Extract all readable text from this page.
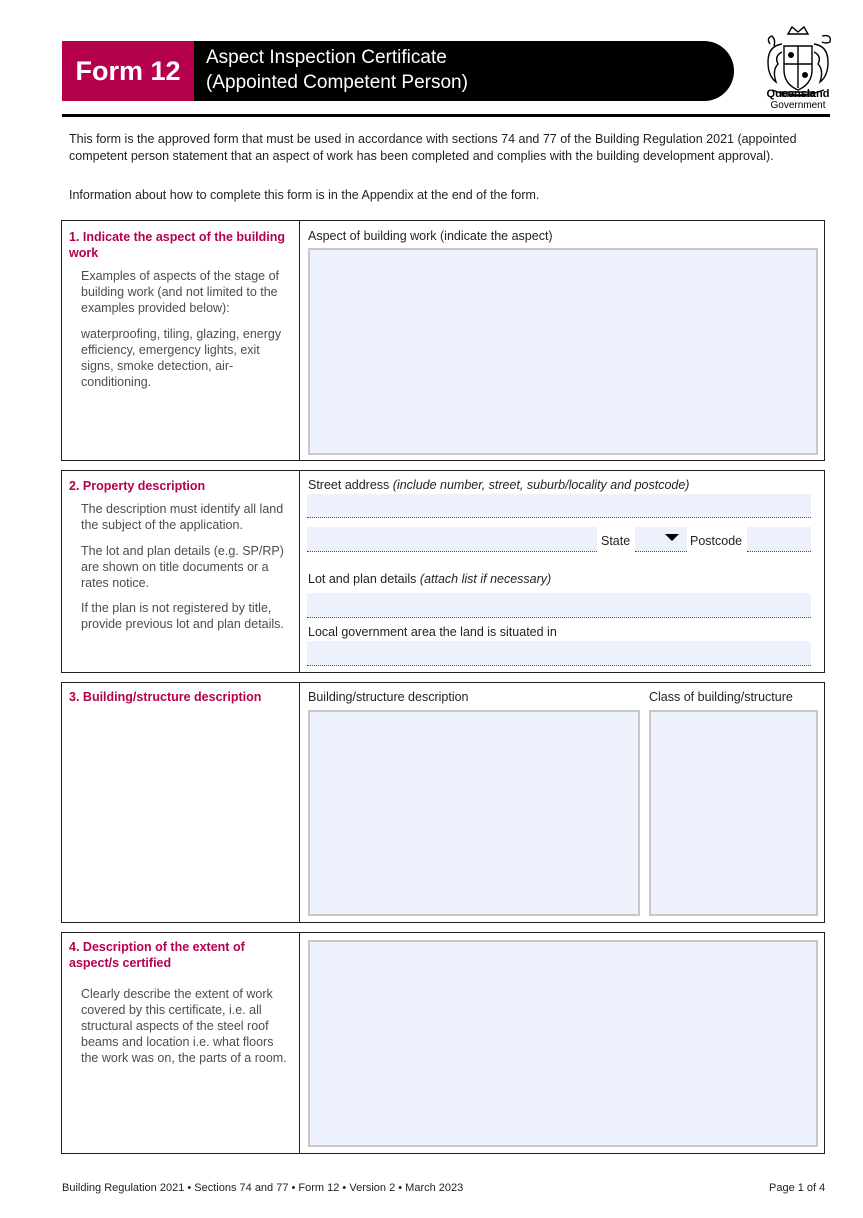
Form 12 Aspect Inspection Certificate
(Appointed Competent Person)
Queensland
Government
This form is the approved form that must be used in accordance with sections 74 and 77 of the Building Regulation 2021 (appointed competent person statement that an aspect of work has been completed and complies with the building development approval).
Information about how to complete this form is in the Appendix at the end of the form.
1. Indicate the aspect of the building work
Examples of aspects of the stage of building work (and not limited to the examples provided below):
waterproofing, tiling, glazing, energy efficiency, emergency lights, exit signs, smoke detection, air-conditioning.
Aspect of building work (indicate the aspect)
2. Property description
The description must identify all land the subject of the application.
The lot and plan details (e.g. SP/RP) are shown on title documents or a rates notice.
If the plan is not registered by title, provide previous lot and plan details.
Street address (include number, street, suburb/locality and postcode)
State	Postcode
Lot and plan details (attach list if necessary)
Local government area the land is situated in
3. Building/structure description	Building/structure description	Class of building/structure
4. Description of the extent of aspect/s certified
Clearly describe the extent of work covered by this certificate, i.e. all structural aspects of the steel roof beams and location i.e. what floors the work was on, the parts of a room.
Building Regulation 2021 • Sections 74 and 77 • Form 12 • Version 2 • March 2023	Page 1 of 4
